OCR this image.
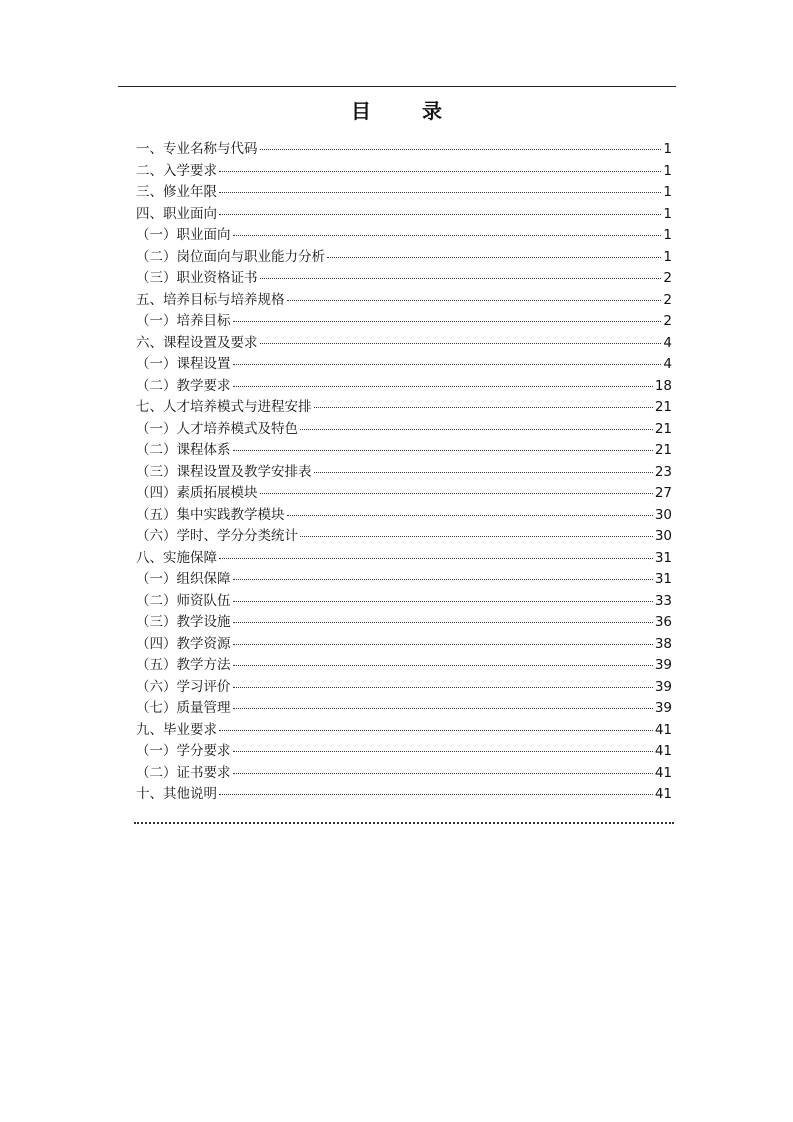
目 录
一、专业名称与代码	1
二、入学要求	1
三、修业年限	1
四、职业面向	1
（一）职业面向	1
（二）岗位面向与职业能力分析	1
（三）职业资格证书	2
五、培养目标与培养规格	2
（一）培养目标	2
六、课程设置及要求	4
（一）课程设置	4
（二）教学要求	18
七、人才培养模式与进程安排	21
（一）人才培养模式及特色	21
（二）课程体系	21
（三）课程设置及教学安排表	23
（四）素质拓展模块	27
（五）集中实践教学模块	30
（六）学时、学分分类统计	30
八、实施保障	31
（一）组织保障	31
（二）师资队伍	33
（三）教学设施	36
（四）教学资源	38
（五）教学方法	39
（六）学习评价	39
（七）质量管理	39
九、毕业要求	41
（一）学分要求	41
（二）证书要求	41
十、其他说明	41
